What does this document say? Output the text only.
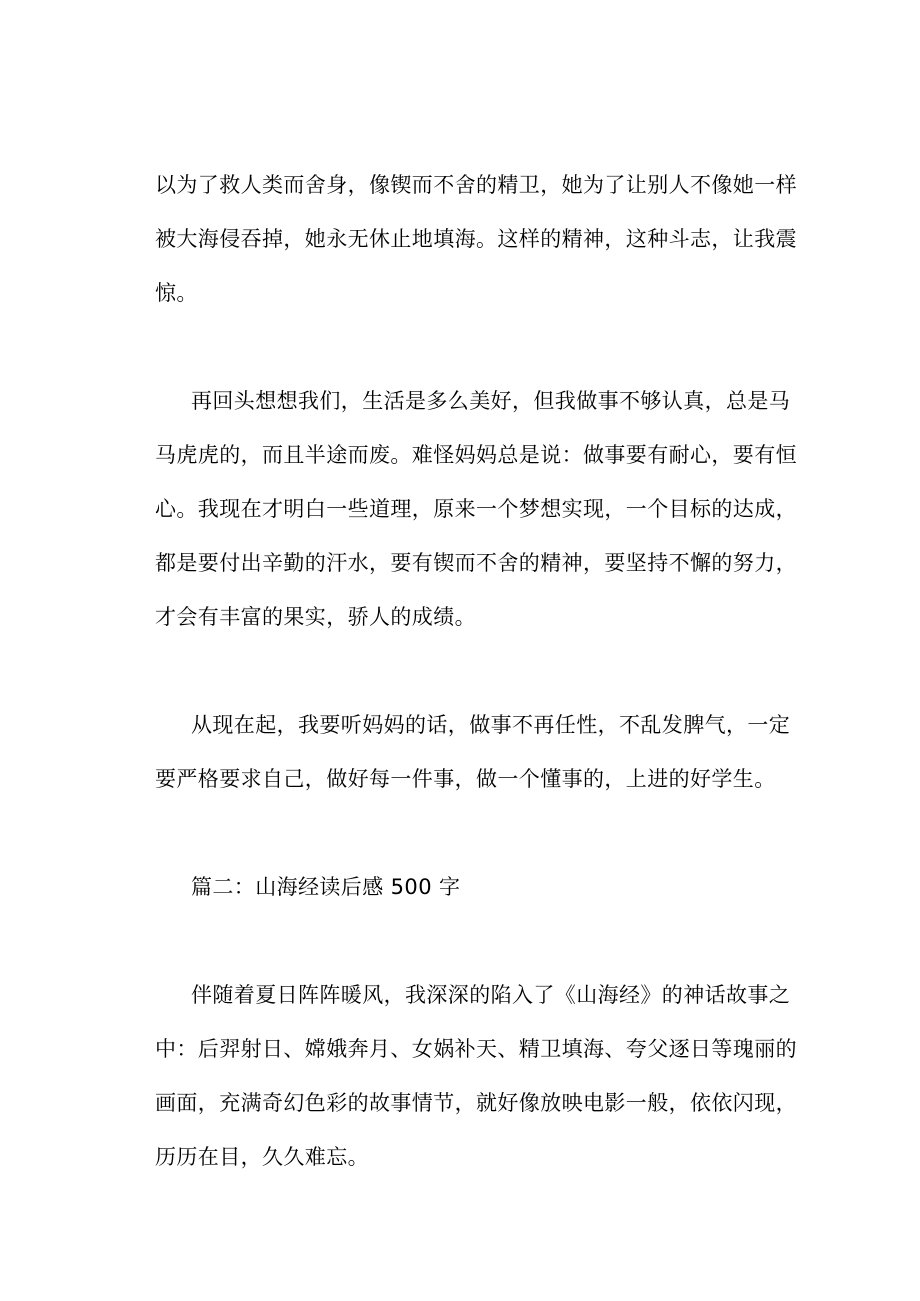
以为了救人类而舍身，像锲而不舍的精卫，她为了让别人不像她一样
被大海侵吞掉，她永无休止地填海。这样的精神，这种斗志，让我震
惊。
再回头想想我们，生活是多么美好，但我做事不够认真，总是马
马虎虎的，而且半途而废。难怪妈妈总是说：做事要有耐心，要有恒
心。我现在才明白一些道理，原来一个梦想实现，一个目标的达成，
都是要付出辛勤的汗水，要有锲而不舍的精神，要坚持不懈的努力，
才会有丰富的果实，骄人的成绩。
从现在起，我要听妈妈的话，做事不再任性，不乱发脾气，一定
要严格要求自己，做好每一件事，做一个懂事的，上进的好学生。
篇二：山海经读后感 500 字
伴随着夏日阵阵暖风，我深深的陷入了《山海经》的神话故事之
中：后羿射日、嫦娥奔月、女娲补天、精卫填海、夸父逐日等瑰丽的
画面，充满奇幻色彩的故事情节，就好像放映电影一般，依依闪现，
历历在目，久久难忘。
